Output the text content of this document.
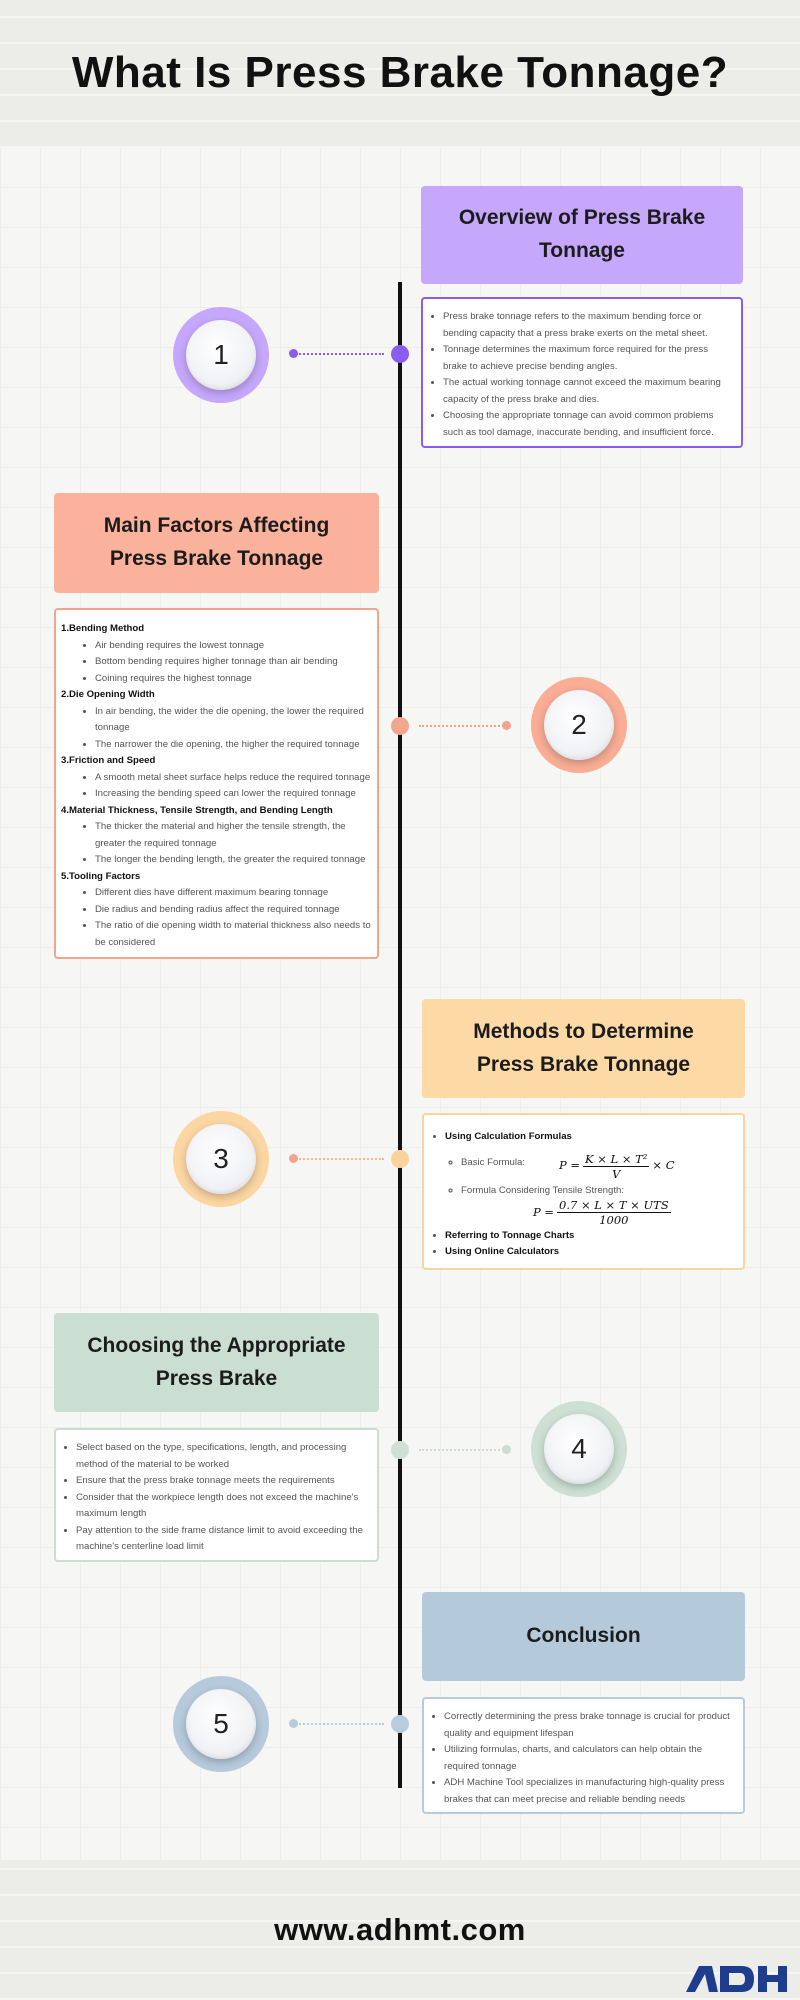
What Is Press Brake Tonnage?
Overview of Press Brake Tonnage
• Press brake tonnage refers to the maximum bending force or bending capacity that a press brake exerts on the metal sheet.
• Tonnage determines the maximum force required for the press brake to achieve precise bending angles.
• The actual working tonnage cannot exceed the maximum bearing capacity of the press brake and dies.
• Choosing the appropriate tonnage can avoid common problems such as tool damage, inaccurate bending, and insufficient force.
1
Main Factors Affecting Press Brake Tonnage
1.Bending Method
• Air bending requires the lowest tonnage
• Bottom bending requires higher tonnage than air bending
• Coining requires the highest tonnage
2.Die Opening Width
• In air bending, the wider the die opening, the lower the required tonnage
• The narrower the die opening, the higher the required tonnage
3.Friction and Speed
• A smooth metal sheet surface helps reduce the required tonnage
• Increasing the bending speed can lower the required tonnage
4.Material Thickness, Tensile Strength, and Bending Length
• The thicker the material and higher the tensile strength, the greater the required tonnage
• The longer the bending length, the greater the required tonnage
5.Tooling Factors
• Different dies have different maximum bearing tonnage
• Die radius and bending radius affect the required tonnage
• The ratio of die opening width to material thickness also needs to be considered
2
Methods to Determine Press Brake Tonnage
• Using Calculation Formulas
◦ Basic Formula:	$P = \frac{\text{K × L × T²}}{V} \times C$
◦ Formula Considering Tensile Strength:
$P = \frac{\text{0.7 × L × T × UTS}}{1000}$
• Referring to Tonnage Charts
• Using Online Calculators
3
Choosing the Appropriate Press Brake
• Select based on the type, specifications, length, and processing method of the material to be worked
• Ensure that the press brake tonnage meets the requirements
• Consider that the workpiece length does not exceed the machine's maximum length
• Pay attention to the side frame distance limit to avoid exceeding the machine's centerline load limit
4
Conclusion
• Correctly determining the press brake tonnage is crucial for product quality and equipment lifespan
• Utilizing formulas, charts, and calculators can help obtain the required tonnage
• ADH Machine Tool specializes in manufacturing high-quality press brakes that can meet precise and reliable bending needs
5
www.adhmt.com
